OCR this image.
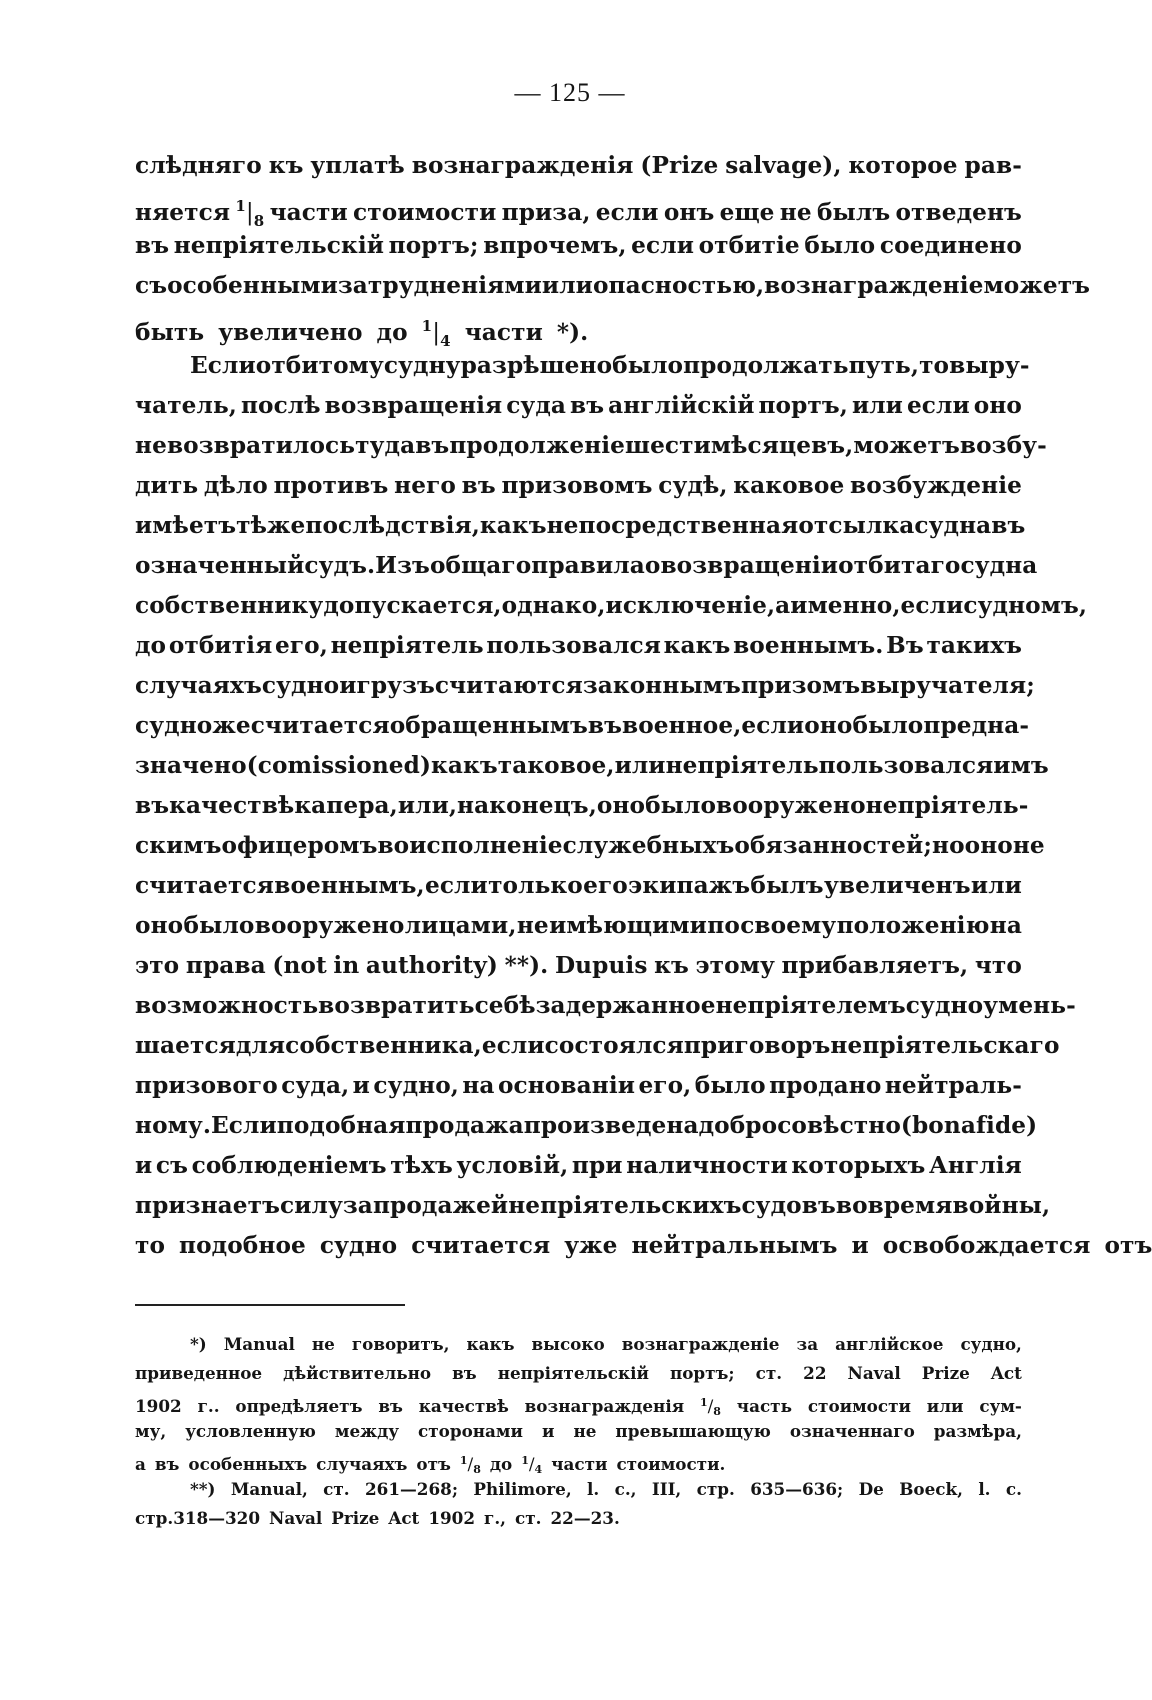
— 125 —
слѣдняго къ уплатѣ вознагражденія (Prize salvage), которое рав-
няется $^1|_8$ части стоимости приза, если онъ еще не былъ отведенъ
въ непріятельскій портъ; впрочемъ, если отбитіе было соединено
съ особенными затрудненіями или опасностью, вознагражденіе можетъ
быть увеличено до $^1|_4$ части *).
Если отбитому судну разрѣшено было продолжать путь, то выру-
чатель, послѣ возвращенія суда въ англійскій портъ, или если оно
не возвратилось туда въ продолженіе шести мѣсяцевъ, можетъ возбу-
дить дѣло противъ него въ призовомъ судѣ, каковое возбужденіе
имѣетъ тѣ же послѣдствія, какъ непосредственная отсылка судна въ
означенный судъ. Изъ общаго правила о возвращеніи отбитаго судна
собственнику допускается, однако, исключеніе, а именно, если судномъ,
до отбитія его, непріятель пользовался какъ военнымъ. Въ такихъ
случаяхъ судно и грузъ считаются законнымъ призомъ выручателя;
судно же считается обращеннымъ въ военное, если оно было предна-
значено (comissioned) какъ таковое, или непріятель пользовался имъ
въ качествѣ капера, или, наконецъ, оно было вооружено непріятель-
скимъ офицеромъ во исполненіе служебныхъ обязанностей; но оно не
считается военнымъ, если только его экипажъ былъ увеличенъ или
оно было вооружено лицами, не имѣющими по своему положенію на
это права (not in authority) **). Dupuis къ этому прибавляетъ, что
возможность возвратить себѣ задержанное непріятелемъ судно умень-
шается для собственника, если состоялся приговоръ непріятельскаго
призового суда, и судно, на основаніи его, было продано нейтраль-
ному. Если подобная продажа произведена добросовѣстно (bona fide)
и съ соблюденіемъ тѣхъ условій, при наличности которыхъ Англія
признаетъ силу за продажей непріятельскихъ судовъ во время войны,
то подобное судно считается уже нейтральнымъ и освобождается отъ
*) Manual не говоритъ, какъ высоко вознагражденіе за англійское судно,
приведенное дѣйствительно въ непріятельскій портъ; ст. 22 Naval Prize Act
1902 г.. опредѣляетъ въ качествѣ вознагражденія $^1/_8$ часть стоимости или сум-
му, условленную между сторонами и не превышающую означеннаго размѣра,
а въ особенныхъ случаяхъ отъ $^1/_8$ до $^1/_4$ части стоимости.
**) Manual, ст. 261—268; Philimore, l. c., III, стр. 635—636; De Boeck, l. c.
стр.318—320 Naval Prize Act 1902 г., ст. 22—23.
